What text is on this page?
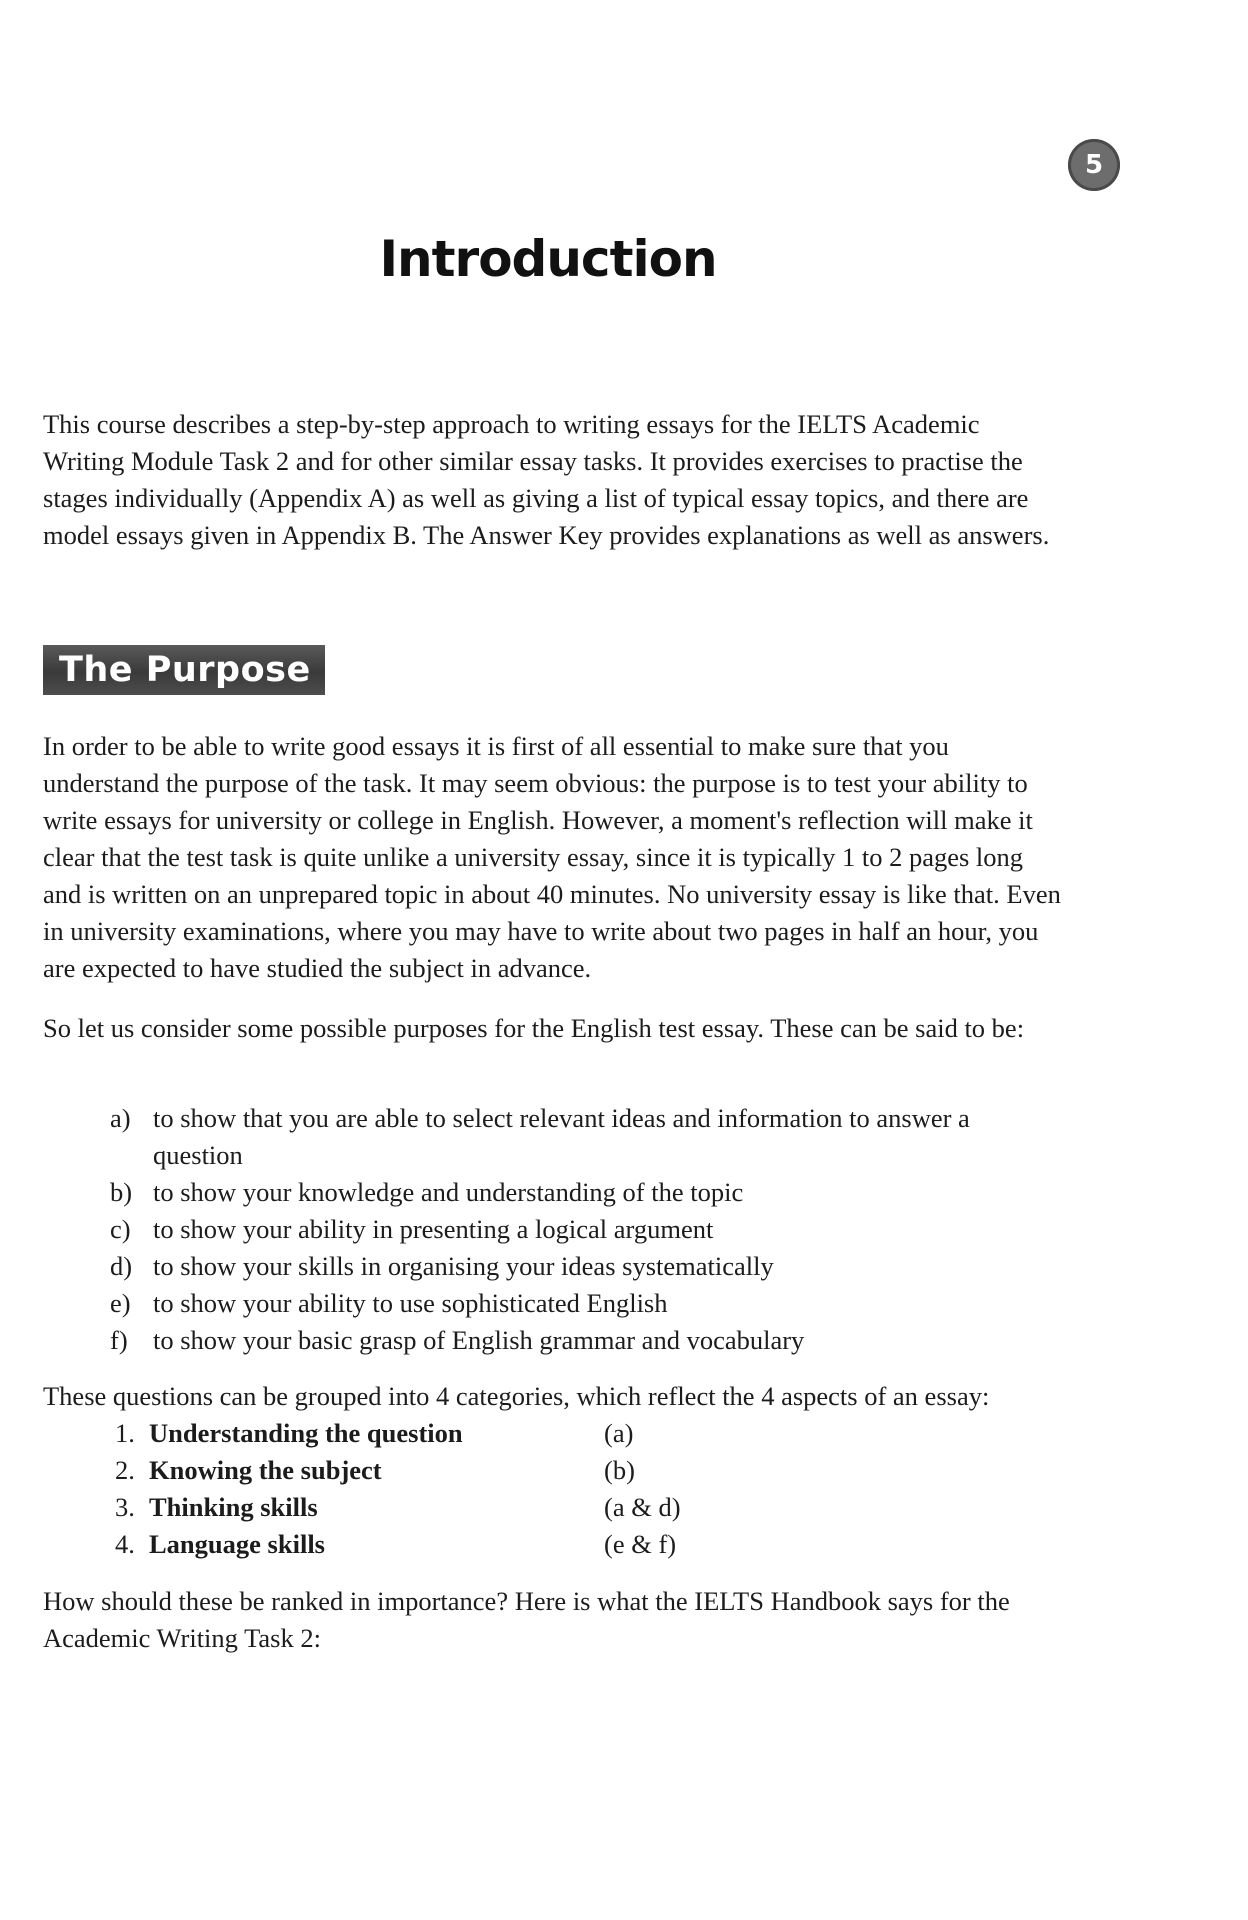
5
Introduction

This course describes a step-by-step approach to writing essays for the IELTS Academic Writing Module Task 2 and for other similar essay tasks. It provides exercises to practise the stages individually (Appendix A) as well as giving a list of typical essay topics, and there are model essays given in Appendix B. The Answer Key provides explanations as well as answers.

The Purpose

In order to be able to write good essays it is first of all essential to make sure that you understand the purpose of the task. It may seem obvious: the purpose is to test your ability to write essays for university or college in English. However, a moment's reflection will make it clear that the test task is quite unlike a university essay, since it is typically 1 to 2 pages long and is written on an unprepared topic in about 40 minutes. No university essay is like that. Even in university examinations, where you may have to write about two pages in half an hour, you are expected to have studied the subject in advance.

So let us consider some possible purposes for the English test essay. These can be said to be:

a) to show that you are able to select relevant ideas and information to answer a question
b) to show your knowledge and understanding of the topic
c) to show your ability in presenting a logical argument
d) to show your skills in organising your ideas systematically
e) to show your ability to use sophisticated English
f) to show your basic grasp of English grammar and vocabulary

These questions can be grouped into 4 categories, which reflect the 4 aspects of an essay:

1. Understanding the question	(a)
2. Knowing the subject	(b)
3. Thinking skills	(a & d)
4. Language skills	(e & f)

How should these be ranked in importance? Here is what the IELTS Handbook says for the Academic Writing Task 2:
